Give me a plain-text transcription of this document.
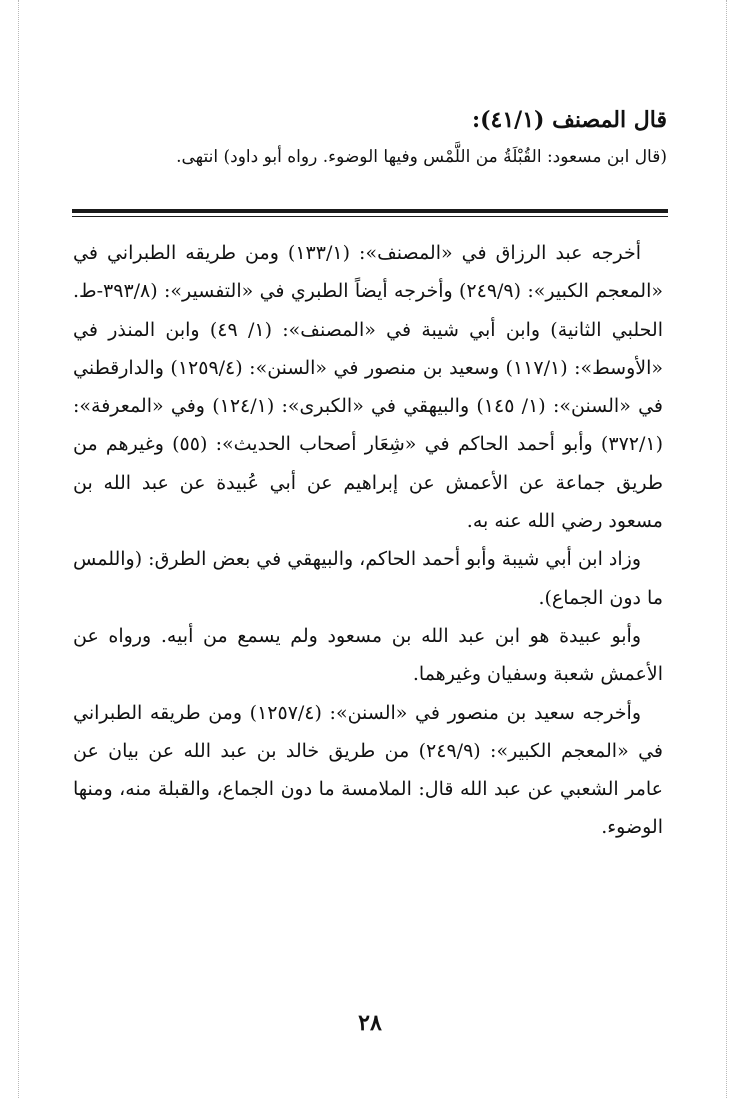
قال المصنف (٤١/١):
(قال ابن مسعود: القُبْلَةُ من اللَّمْس وفيها الوضوء. رواه أبو داود) انتهى.

أخرجه عبد الرزاق في «المصنف»: (١٣٣/١) ومن طريقه الطبراني في «المعجم الكبير»: (٢٤٩/٩) وأخرجه أيضاً الطبري في «التفسير»: (٣٩٣/٨-ط. الحلبي الثانية) وابن أبي شيبة في «المصنف»: (١/ ٤٩) وابن المنذر في «الأوسط»: (١١٧/١) وسعيد بن منصور في «السنن»: (١٢٥٩/٤) والدارقطني في «السنن»: (١/ ١٤٥) والبيهقي في «الكبرى»: (١٢٤/١) وفي «المعرفة»: (٣٧٢/١) وأبو أحمد الحاكم في «شِعَار أصحاب الحديث»: (٥٥) وغيرهم من طريق جماعة عن الأعمش عن إبراهيم عن أبي عُبيدة عن عبد الله بن مسعود رضي الله عنه به.

وزاد ابن أبي شيبة وأبو أحمد الحاكم، والبيهقي في بعض الطرق: (واللمس ما دون الجماع).

وأبو عبيدة هو ابن عبد الله بن مسعود ولم يسمع من أبيه. ورواه عن الأعمش شعبة وسفيان وغيرهما.

وأخرجه سعيد بن منصور في «السنن»: (١٢٥٧/٤) ومن طريقه الطبراني في «المعجم الكبير»: (٢٤٩/٩) من طريق خالد بن عبد الله عن بيان عن عامر الشعبي عن عبد الله قال: الملامسة ما دون الجماع، والقبلة منه، ومنها الوضوء.

٢٨
